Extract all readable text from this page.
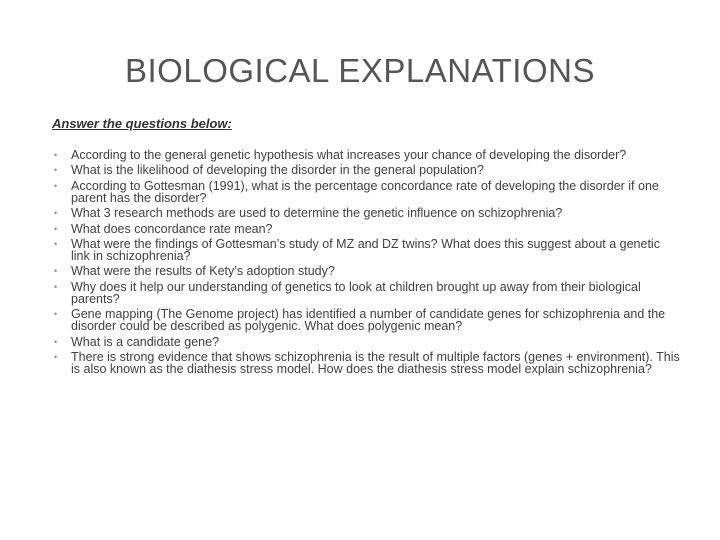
BIOLOGICAL EXPLANATIONS

Answer the questions below:

• According to the general genetic hypothesis what increases your chance of developing the disorder?
• What is the likelihood of developing the disorder in the general population?
• According to Gottesman (1991), what is the percentage concordance rate of developing the disorder if one parent has the disorder?
• What 3 research methods are used to determine the genetic influence on schizophrenia?
• What does concordance rate mean?
• What were the findings of Gottesman’s study of MZ and DZ twins? What does this suggest about a genetic link in schizophrenia?
• What were the results of Kety’s adoption study?
• Why does it help our understanding of genetics to look at children brought up away from their biological parents?
• Gene mapping (The Genome project) has identified a number of candidate genes for schizophrenia and the disorder could be described as polygenic. What does polygenic mean?
• What is a candidate gene?
• There is strong evidence that shows schizophrenia is the result of multiple factors (genes + environment). This is also known as the diathesis stress model. How does the diathesis stress model explain schizophrenia?
